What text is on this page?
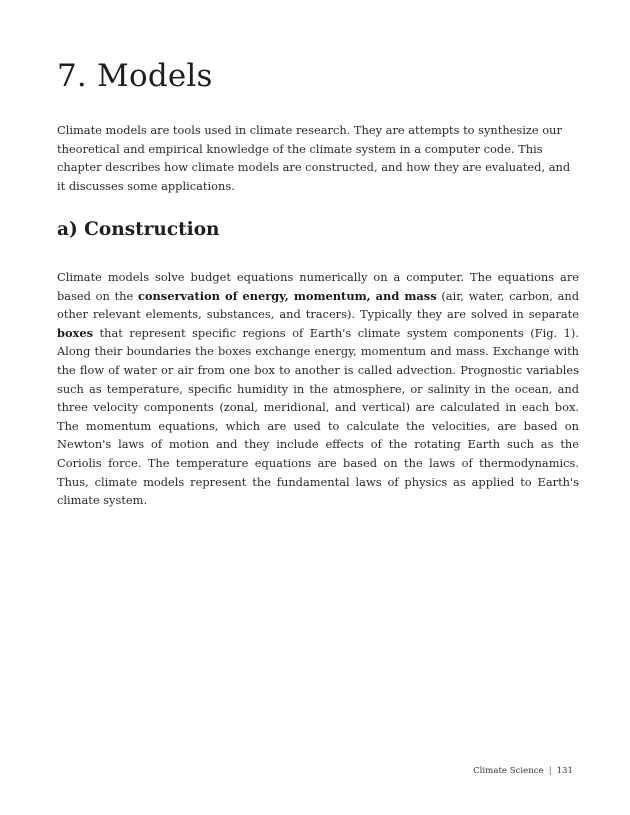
7. Models

Climate models are tools used in climate research. They are attempts to synthesize our theoretical and empirical knowledge of the climate system in a computer code. This chapter describes how climate models are constructed, and how they are evaluated, and it discusses some applications.

a) Construction

Climate models solve budget equations numerically on a computer. The equations are based on the conservation of energy, momentum, and mass (air, water, carbon, and other relevant elements, substances, and tracers). Typically they are solved in separate boxes that represent specific regions of Earth's climate system components (Fig. 1). Along their boundaries the boxes exchange energy, momentum and mass. Exchange with the flow of water or air from one box to another is called advection. Prognostic variables such as temperature, specific humidity in the atmosphere, or salinity in the ocean, and three velocity components (zonal, meridional, and vertical) are calculated in each box. The momentum equations, which are used to calculate the velocities, are based on Newton's laws of motion and they include effects of the rotating Earth such as the Coriolis force. The temperature equations are based on the laws of thermodynamics. Thus, climate models represent the fundamental laws of physics as applied to Earth's climate system.

Climate Science | 131
